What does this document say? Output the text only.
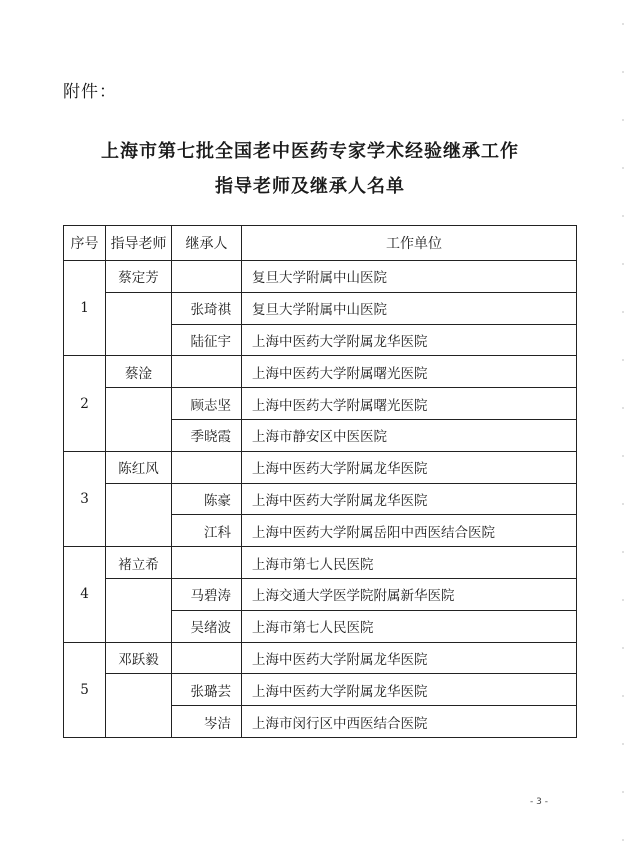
附件：
上海市第七批全国老中医药专家学术经验继承工作
指导老师及继承人名单
序号	指导老师	继承人	工作单位
1	蔡定芳		复旦大学附属中山医院
		张琦祺	复旦大学附属中山医院
		陆征宇	上海中医药大学附属龙华医院
2	蔡淦		上海中医药大学附属曙光医院
		顾志坚	上海中医药大学附属曙光医院
		季晓霞	上海市静安区中医医院
3	陈红风		上海中医药大学附属龙华医院
		陈豪	上海中医药大学附属龙华医院
		江科	上海中医药大学附属岳阳中西医结合医院
4	褚立希		上海市第七人民医院
		马碧涛	上海交通大学医学院附属新华医院
		吴绪波	上海市第七人民医院
5	邓跃毅		上海中医药大学附属龙华医院
		张璐芸	上海中医药大学附属龙华医院
		岑洁	上海市闵行区中西医结合医院
- 3 -
